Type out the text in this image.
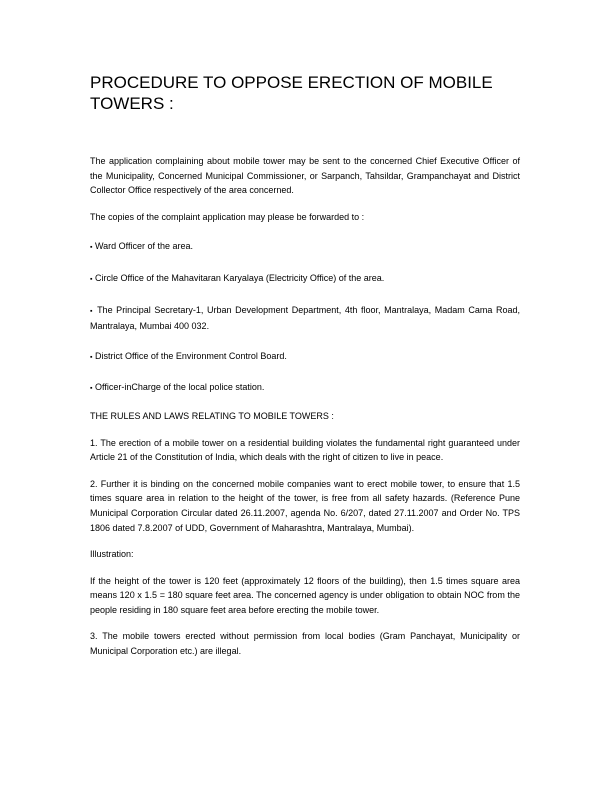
PROCEDURE TO OPPOSE ERECTION OF MOBILE TOWERS :

The application complaining about mobile tower may be sent to the concerned Chief Executive Officer of the Municipality, Concerned Municipal Commissioner, or Sarpanch, Tahsildar, Grampanchayat and District Collector Office respectively of the area concerned.

The copies of the complaint application may please be forwarded to :

▪ Ward Officer of the area.

▪ Circle Office of the Mahavitaran Karyalaya (Electricity Office) of the area.

▪ The Principal Secretary-1, Urban Development Department, 4th floor, Mantralaya, Madam Cama Road, Mantralaya, Mumbai 400 032.

▪ District Office of the Environment Control Board.

▪ Officer-inCharge of the local police station.

THE RULES AND LAWS RELATING TO MOBILE TOWERS :

1. The erection of a mobile tower on a residential building violates the fundamental right guaranteed under Article 21 of the Constitution of India, which deals with the right of citizen to live in peace.

2. Further it is binding on the concerned mobile companies want to erect mobile tower, to ensure that 1.5 times square area in relation to the height of the tower, is free from all safety hazards. (Reference Pune Municipal Corporation Circular dated 26.11.2007, agenda No. 6/207, dated 27.11.2007 and Order No. TPS 1806 dated 7.8.2007 of UDD, Government of Maharashtra, Mantralaya, Mumbai).

Illustration:

If the height of the tower is 120 feet (approximately 12 floors of the building), then 1.5 times square area means 120 x 1.5 = 180 square feet area. The concerned agency is under obligation to obtain NOC from the people residing in 180 square feet area before erecting the mobile tower.

3. The mobile towers erected without permission from local bodies (Gram Panchayat, Municipality or Municipal Corporation etc.) are illegal.
